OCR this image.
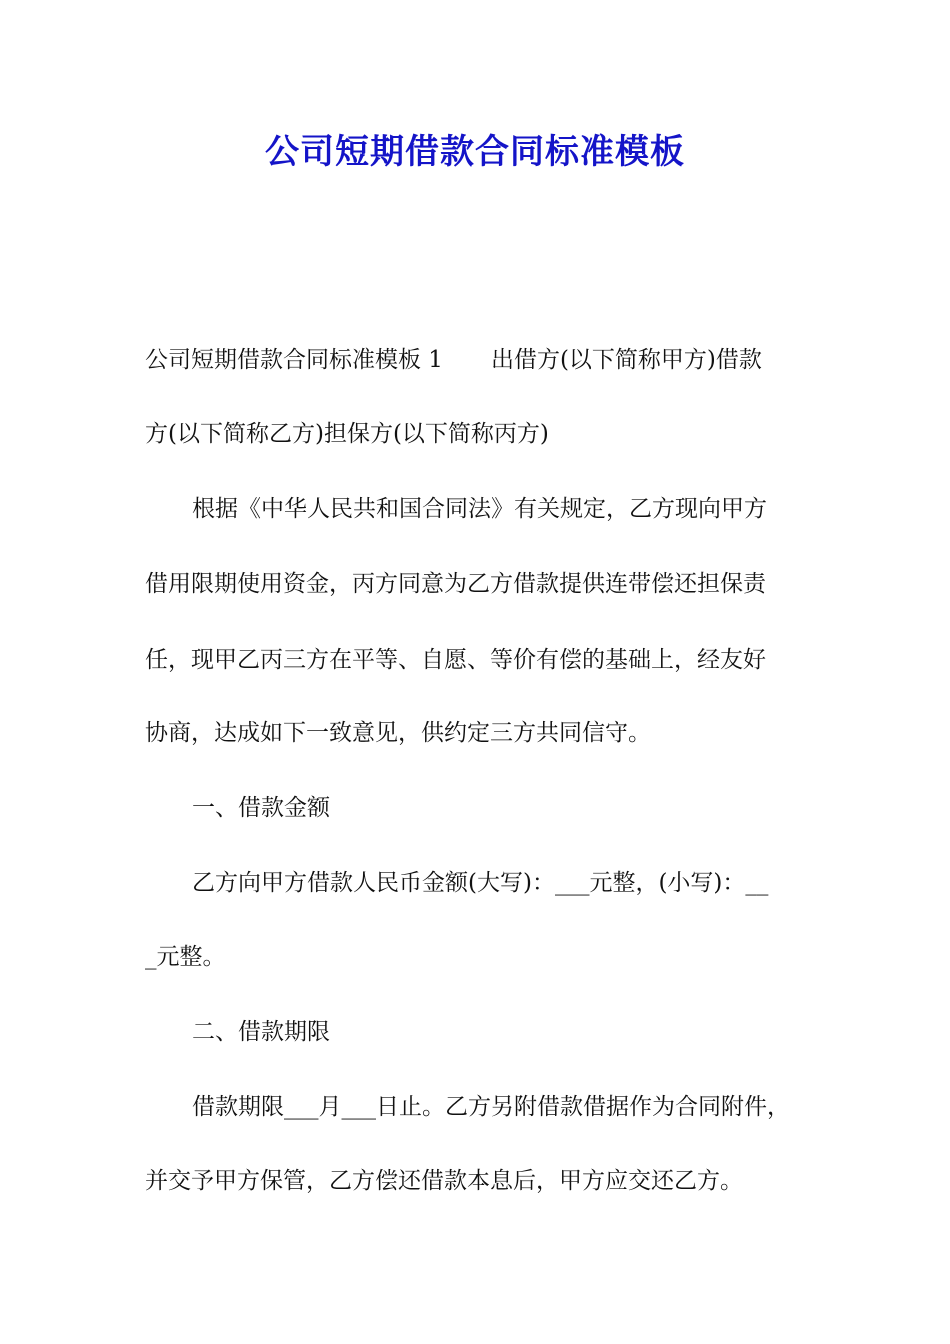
公司短期借款合同标准模板
公司短期借款合同标准模板 1 出借方(以下简称甲方)借款
方(以下简称乙方)担保方(以下简称丙方)
根据《中华人民共和国合同法》有关规定，乙方现向甲方
借用限期使用资金，丙方同意为乙方借款提供连带偿还担保责
任，现甲乙丙三方在平等、自愿、等价有偿的基础上，经友好
协商，达成如下一致意见，供约定三方共同信守。
一、借款金额
乙方向甲方借款人民币金额(大写)：___元整，(小写)：__
_元整。
二、借款期限
借款期限___月___日止。乙方另附借款借据作为合同附件，
并交予甲方保管，乙方偿还借款本息后，甲方应交还乙方。
